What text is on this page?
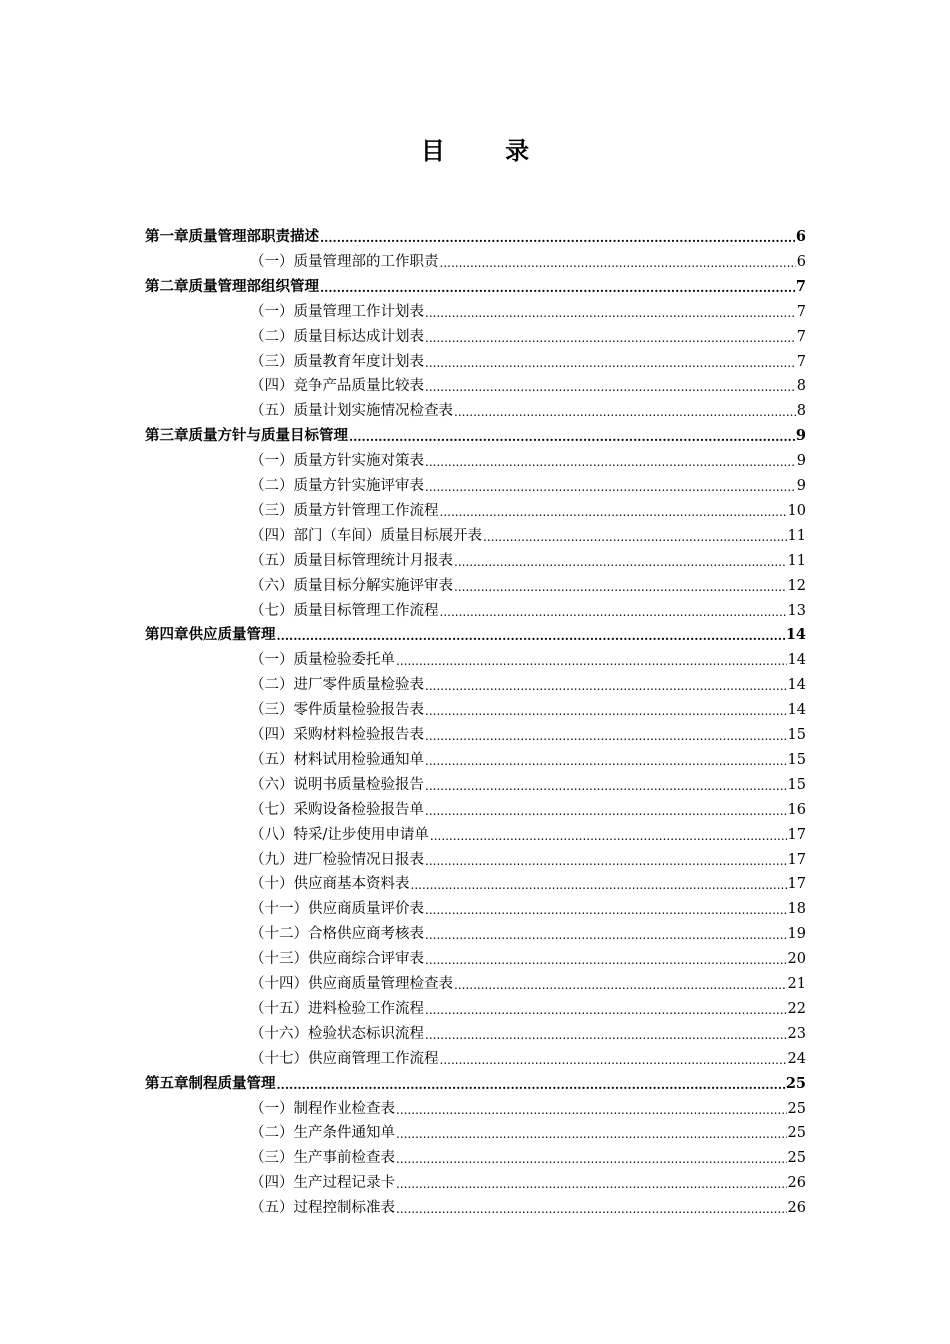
目 录
第一章 质量管理部职责描述 .....	6
（一）质量管理部的工作职责 .....	6
第二章 质量管理部组织管理 .....	7
（一）质量管理工作计划表 .....	7
（二）质量目标达成计划表 .....	7
（三）质量教育年度计划表 .....	7
（四）竞争产品质量比较表 .....	8
（五）质量计划实施情况检查表 .....	8
第三章 质量方针与质量目标管理 .....	9
（一）质量方针实施对策表 .....	9
（二）质量方针实施评审表 .....	9
（三）质量方针管理工作流程 .....	10
（四）部门（车间）质量目标展开表 .....	11
（五）质量目标管理统计月报表 .....	11
（六）质量目标分解实施评审表 .....	12
（七）质量目标管理工作流程 .....	13
第四章 供应质量管理 .....	14
（一）质量检验委托单 .....	14
（二）进厂零件质量检验表 .....	14
（三）零件质量检验报告表 .....	14
（四）采购材料检验报告表 .....	15
（五）材料试用检验通知单 .....	15
（六）说明书质量检验报告 .....	15
（七）采购设备检验报告单 .....	16
（八）特采/让步使用申请单 .....	17
（九）进厂检验情况日报表 .....	17
（十）供应商基本资料表 .....	17
（十一）供应商质量评价表 .....	18
（十二）合格供应商考核表 .....	19
（十三）供应商综合评审表 .....	20
（十四）供应商质量管理检查表 .....	21
（十五）进料检验工作流程 .....	22
（十六）检验状态标识流程 .....	23
（十七）供应商管理工作流程 .....	24
第五章 制程质量管理 .....	25
（一）制程作业检查表 .....	25
（二）生产条件通知单 .....	25
（三）生产事前检查表 .....	25
（四）生产过程记录卡 .....	26
（五）过程控制标准表 .....	26
